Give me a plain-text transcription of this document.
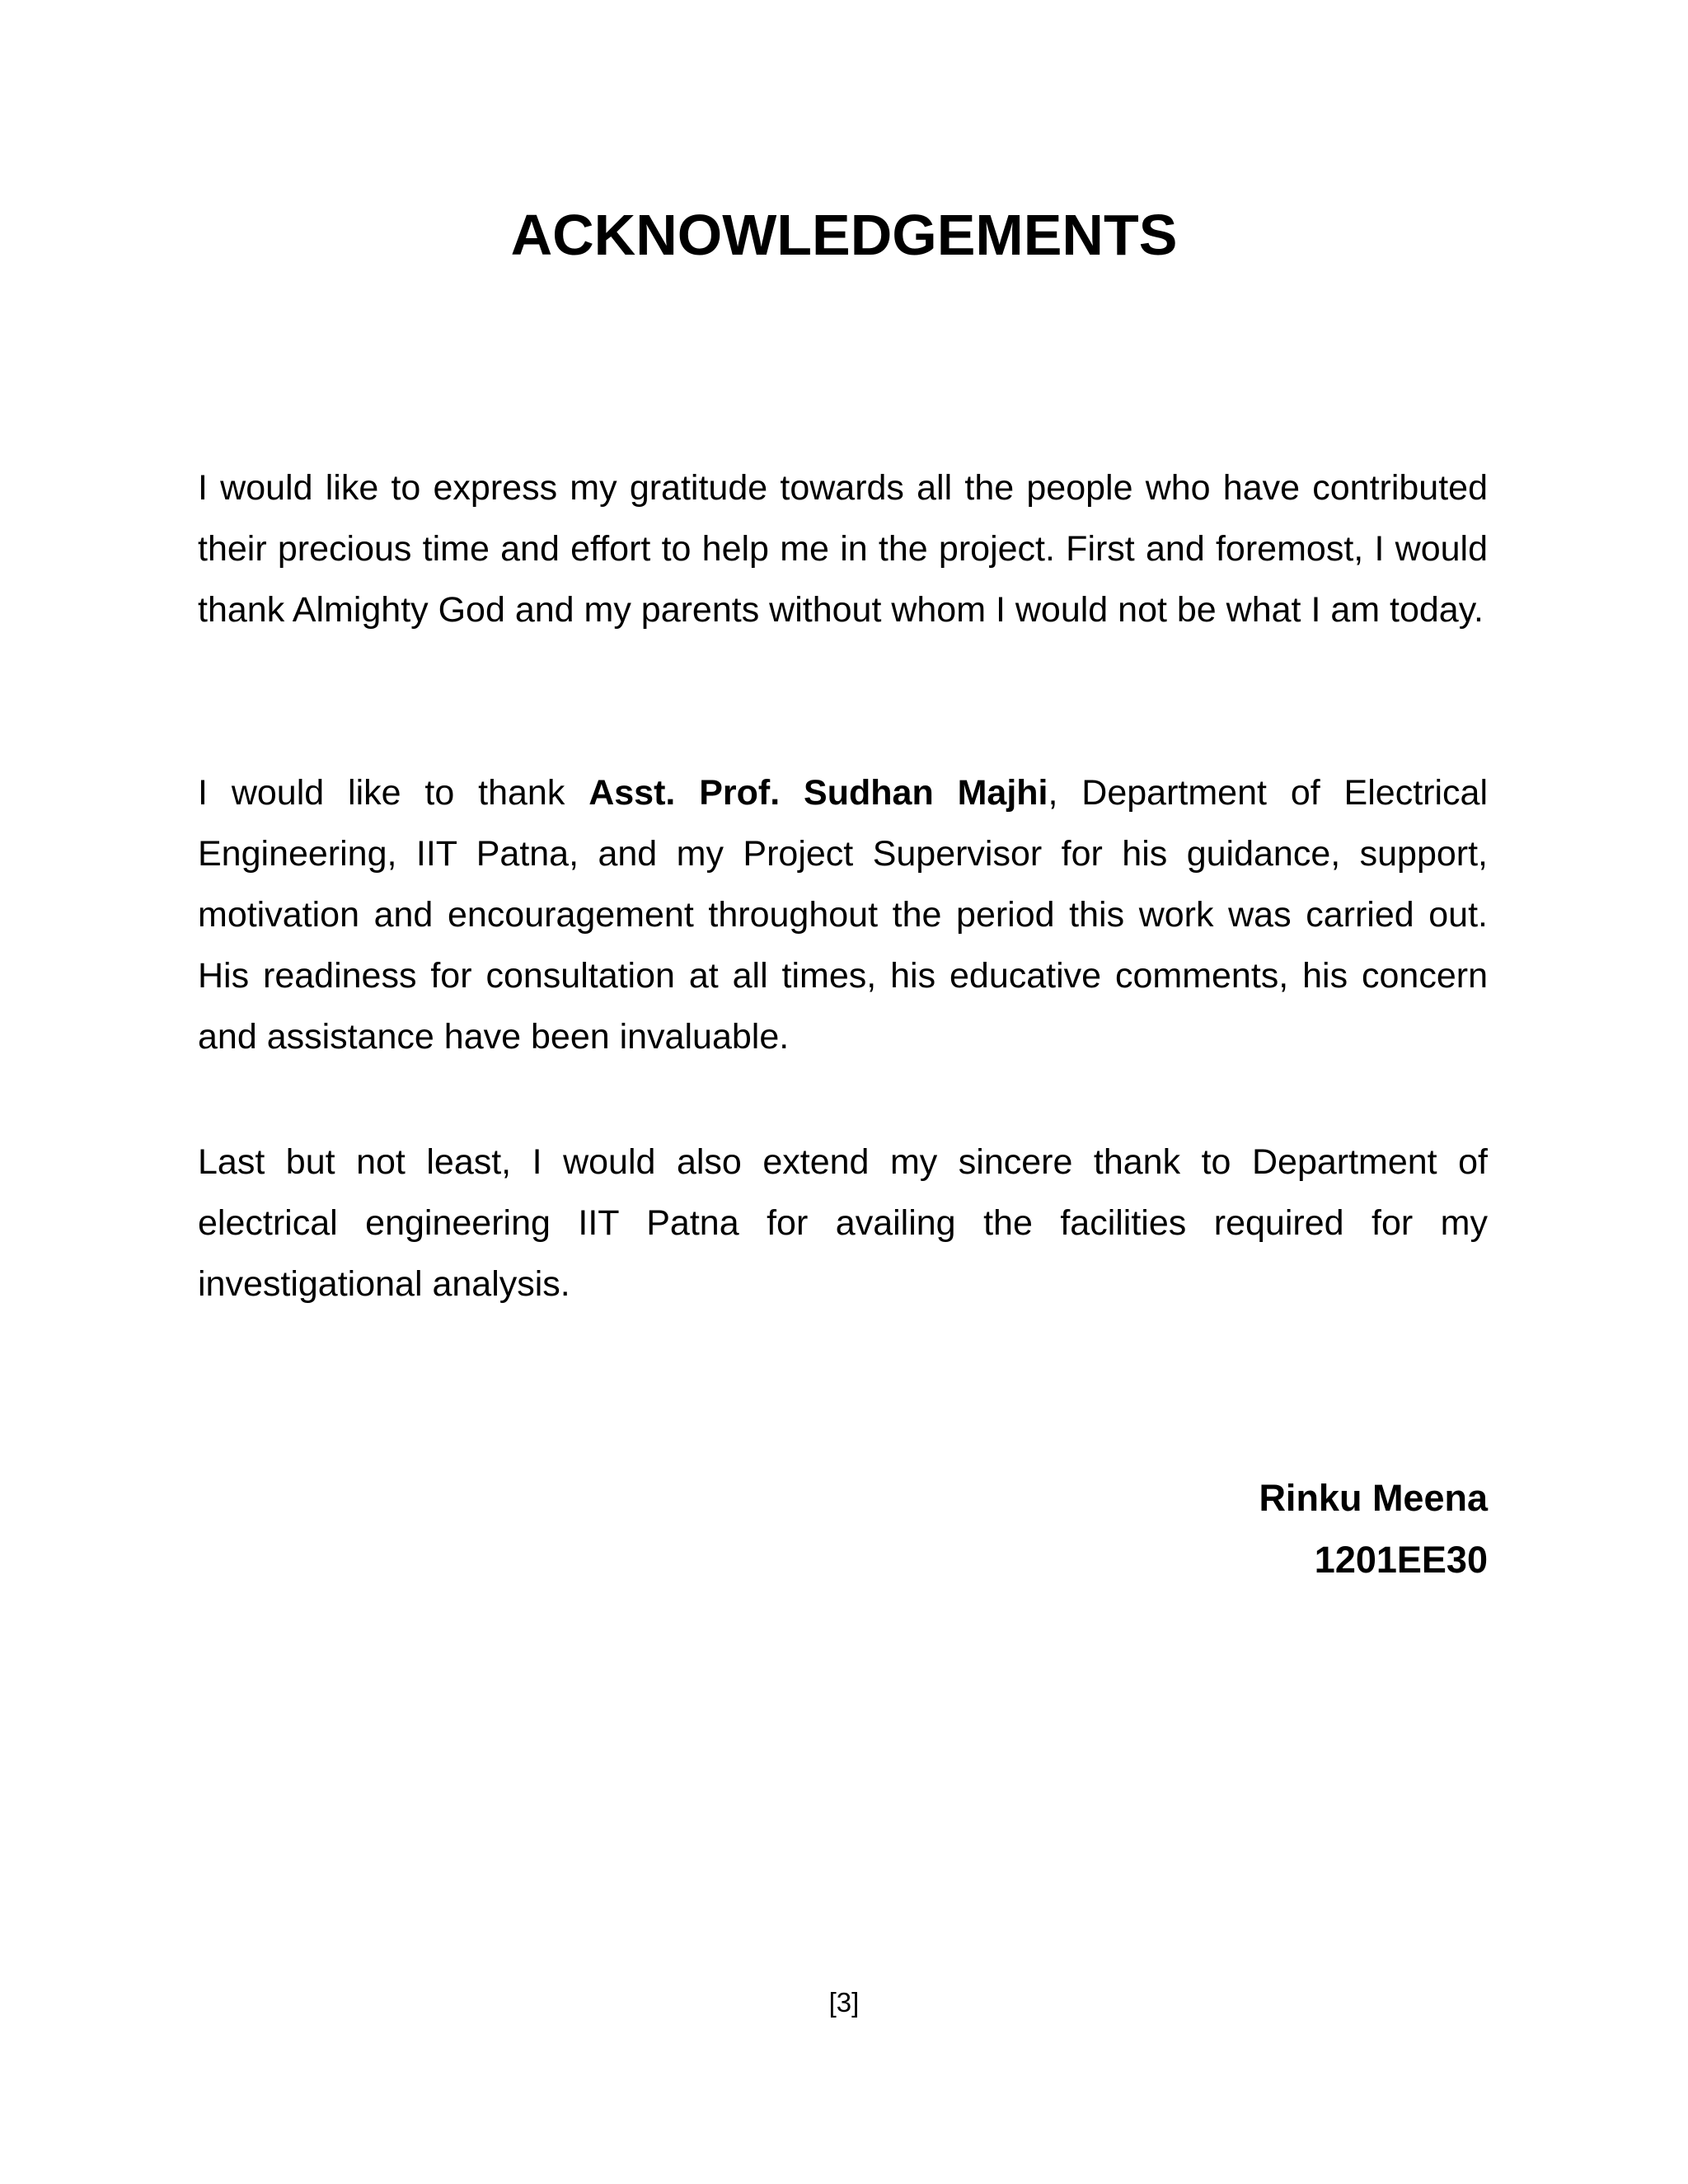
ACKNOWLEDGEMENTS

I would like to express my gratitude towards all the people who have contributed their precious time and effort to help me in the project. First and foremost, I would thank Almighty God and my parents without whom I would not be what I am today.

I would like to thank Asst. Prof. Sudhan Majhi, Department of Electrical Engineering, IIT Patna, and my Project Supervisor for his guidance, support, motivation and encouragement throughout the period this work was carried out. His readiness for consultation at all times, his educative comments, his concern and assistance have been invaluable.

Last but not least, I would also extend my sincere thank to Department of electrical engineering IIT Patna for availing the facilities required for my investigational analysis.

Rinku Meena
1201EE30
[3]
